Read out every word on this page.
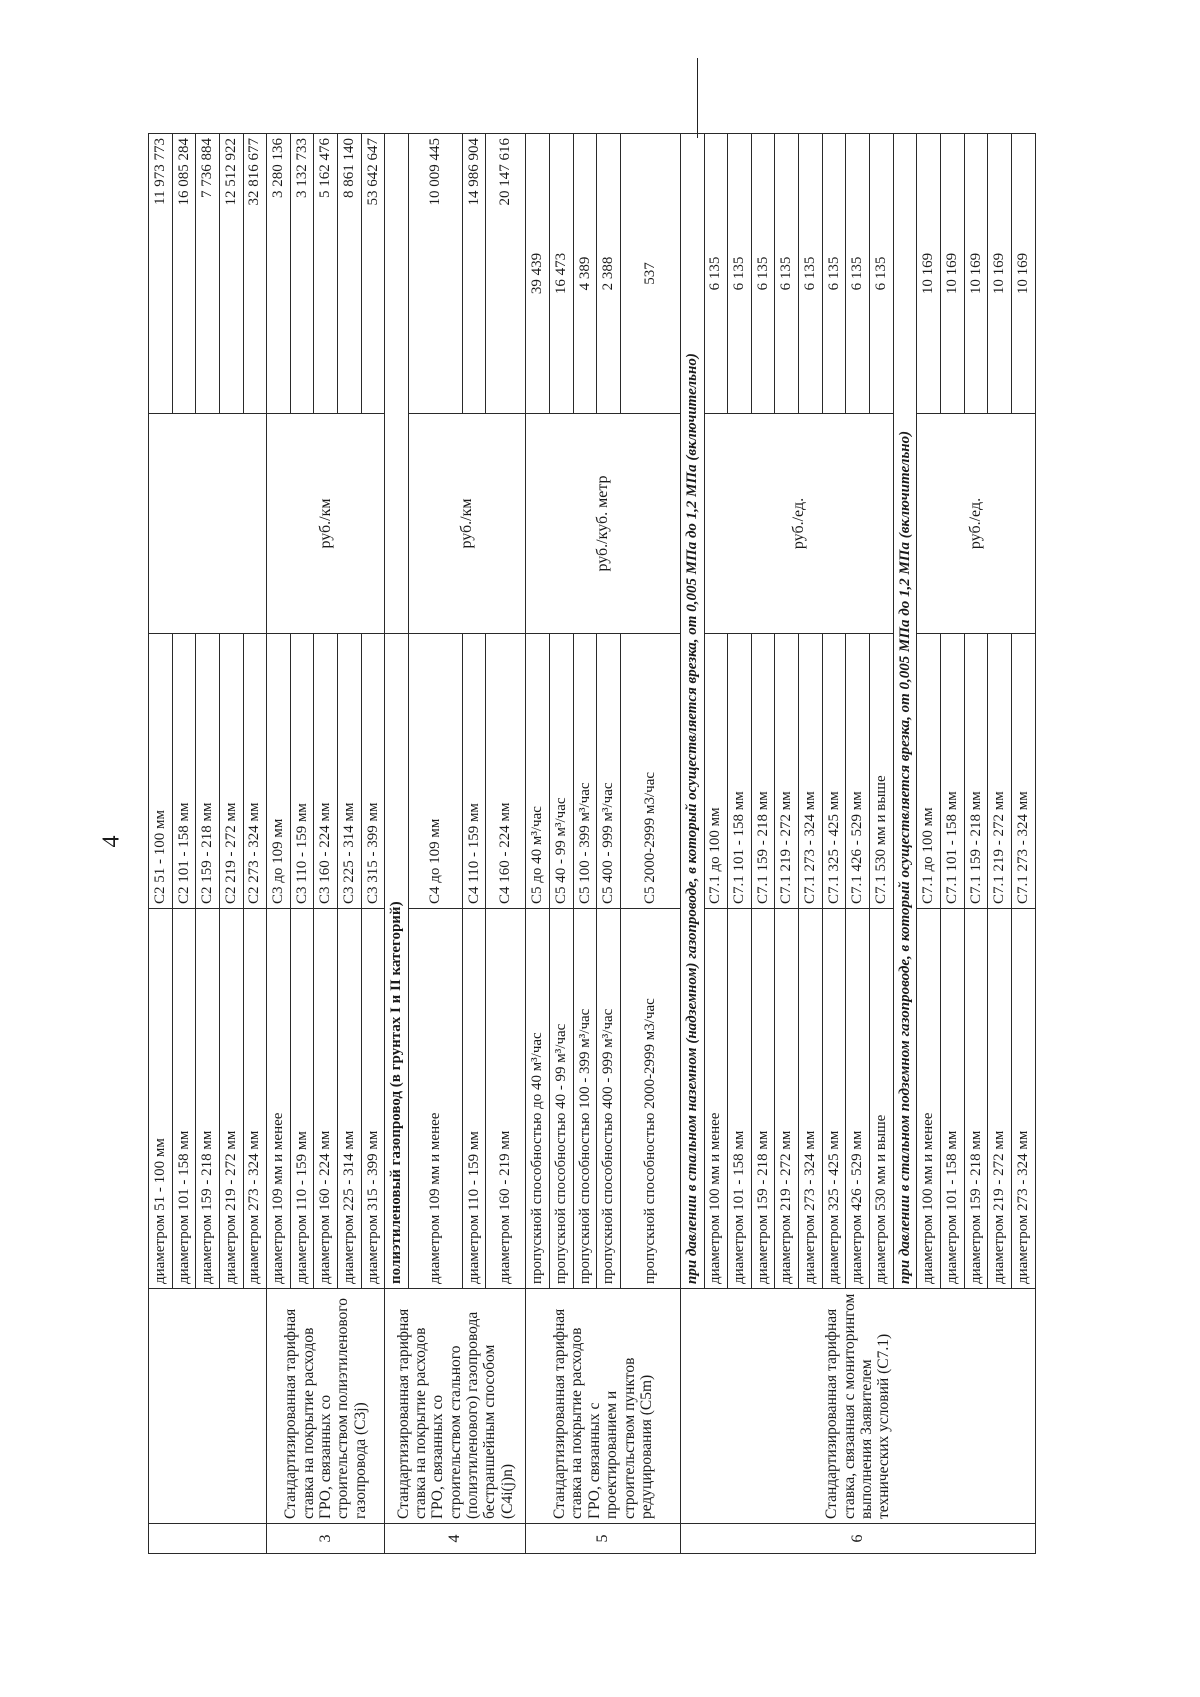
4
		диаметром 51 - 100 мм	С2 51 - 100 мм		11 973 773
		диаметром 101 - 158 мм	С2 101 - 158 мм		16 085 284
		диаметром 159 - 218 мм	С2 159 - 218 мм		7 736 884
		диаметром 219 - 272 мм	С2 219 - 272 мм		12 512 922
		диаметром 273 - 324 мм	С2 273 - 324 мм		32 816 677
3	Стандартизированная тарифная ставка на покрытие расходов ГРО, связанных со строительством полиэтиленового газопровода (С3j)	диаметром 109 мм и менее	С3 до 109 мм	руб./км	3 280 136
		диаметром 110 - 159 мм	С3 110 - 159 мм		3 132 733
		диаметром 160 - 224 мм	С3 160 - 224 мм		5 162 476
		диаметром 225 - 314 мм	С3 225 - 314 мм		8 861 140
		диаметром 315 - 399 мм	С3 315 - 399 мм		53 642 647
4	Стандартизированная тарифная ставка на покрытие расходов ГРО, связанных со строительством стального (полиэтиленового) газопровода бестраншейным способом (С4i(j)n)	полиэтиленовый газопровод (в грунтах I и II категорий)			
		диаметром 109 мм и менее	С4 до 109 мм	руб./км	10 009 445
		диаметром 110 - 159 мм	С4 110 - 159 мм		14 986 904
		диаметром 160 - 219 мм	С4 160 - 224 мм		20 147 616
5	Стандартизированная тарифная ставка на покрытие расходов ГРО, связанных с проектированием и строительством пунктов редуцирования (С5m)	пропускной способностью до 40 м³/час	С5 до 40 м³/час	руб./куб. метр	39 439
		пропускной способностью 40 - 99 м³/час	С5 40 - 99 м³/час		16 473
		пропускной способностью 100 - 399 м³/час	С5 100 - 399 м³/час		4 389
		пропускной способностью 400 - 999 м³/час	С5 400 - 999 м³/час		2 388
		пропускной способностью 2000-2999 м3/час	С5 2000-2999 м3/час		537
6	Стандартизированная тарифная ставка, связанная с мониторингом выполнения Заявителем технических условий (С7.1)	при давлении в стальном наземном (надземном) газопроводе, в который осуществляется врезка, от 0,005 МПа до 1,2 МПа (включительно)			
		диаметром 100 мм и менее	С7.1 до 100 мм	руб./ед.	6 135
		диаметром 101 - 158 мм	С7.1 101 - 158 мм		6 135
		диаметром 159 - 218 мм	С7.1 159 - 218 мм		6 135
		диаметром 219 - 272 мм	С7.1 219 - 272 мм		6 135
		диаметром 273 - 324 мм	С7.1 273 - 324 мм		6 135
		диаметром 325 - 425 мм	С7.1 325 - 425 мм		6 135
		диаметром 426 - 529 мм	С7.1 426 - 529 мм		6 135
		диаметром 530 мм и выше	С7.1 530 мм и выше		6 135
		при давлении в стальном подземном газопроводе, в который осуществляется врезка, от 0,005 МПа до 1,2 МПа (включительно)			
		диаметром 100 мм и менее	С7.1 до 100 мм	руб./ед.	10 169
		диаметром 101 - 158 мм	С7.1 101 - 158 мм		10 169
		диаметром 159 - 218 мм	С7.1 159 - 218 мм		10 169
		диаметром 219 - 272 мм	С7.1 219 - 272 мм		10 169
		диаметром 273 - 324 мм	С7.1 273 - 324 мм		10 169
